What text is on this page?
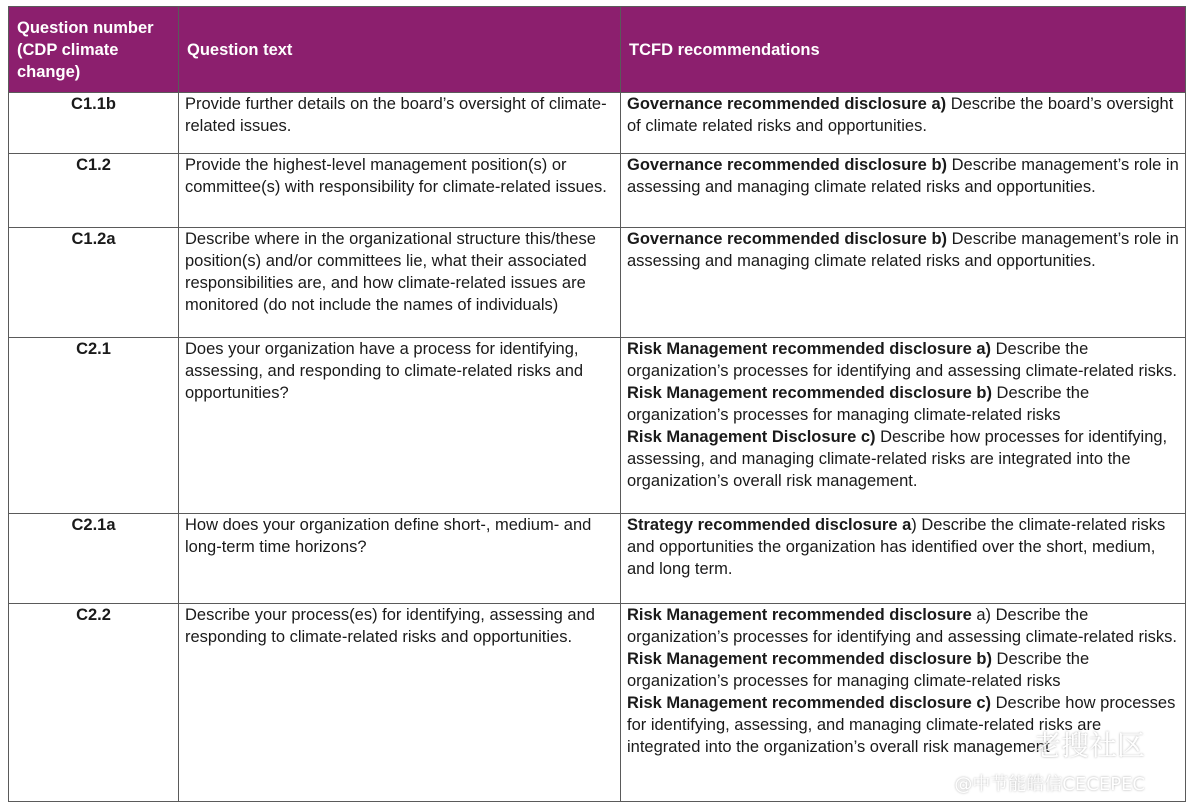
Question number (CDP climate change)	Question text	TCFD recommendations
C1.1b	Provide further details on the board’s oversight of climate-related issues.	Governance recommended disclosure a) Describe the board’s oversight of climate related risks and opportunities.
C1.2	Provide the highest-level management position(s) or committee(s) with responsibility for climate-related issues.	Governance recommended disclosure b) Describe management’s role in assessing and managing climate related risks and opportunities.
C1.2a	Describe where in the organizational structure this/these position(s) and/or committees lie, what their associated responsibilities are, and how climate-related issues are monitored (do not include the names of individuals)	Governance recommended disclosure b) Describe management’s role in assessing and managing climate related risks and opportunities.
C2.1	Does your organization have a process for identifying, assessing, and responding to climate-related risks and opportunities?	Risk Management recommended disclosure a) Describe the organization’s processes for identifying and assessing climate-related risks.
Risk Management recommended disclosure b) Describe the organization’s processes for managing climate-related risks
Risk Management Disclosure c) Describe how processes for identifying, assessing, and managing climate-related risks are integrated into the organization’s overall risk management.
C2.1a	How does your organization define short-, medium- and long-term time horizons?	Strategy recommended disclosure a) Describe the climate-related risks and opportunities the organization has identified over the short, medium, and long term.
C2.2	Describe your process(es) for identifying, assessing and responding to climate-related risks and opportunities.	Risk Management recommended disclosure a) Describe the organization’s processes for identifying and assessing climate-related risks.
Risk Management recommended disclosure b) Describe the organization’s processes for managing climate-related risks
Risk Management recommended disclosure c) Describe how processes for identifying, assessing, and managing climate-related risks are integrated into the organization’s overall risk management
老搜社区
@中节能皓信CECEPEC
